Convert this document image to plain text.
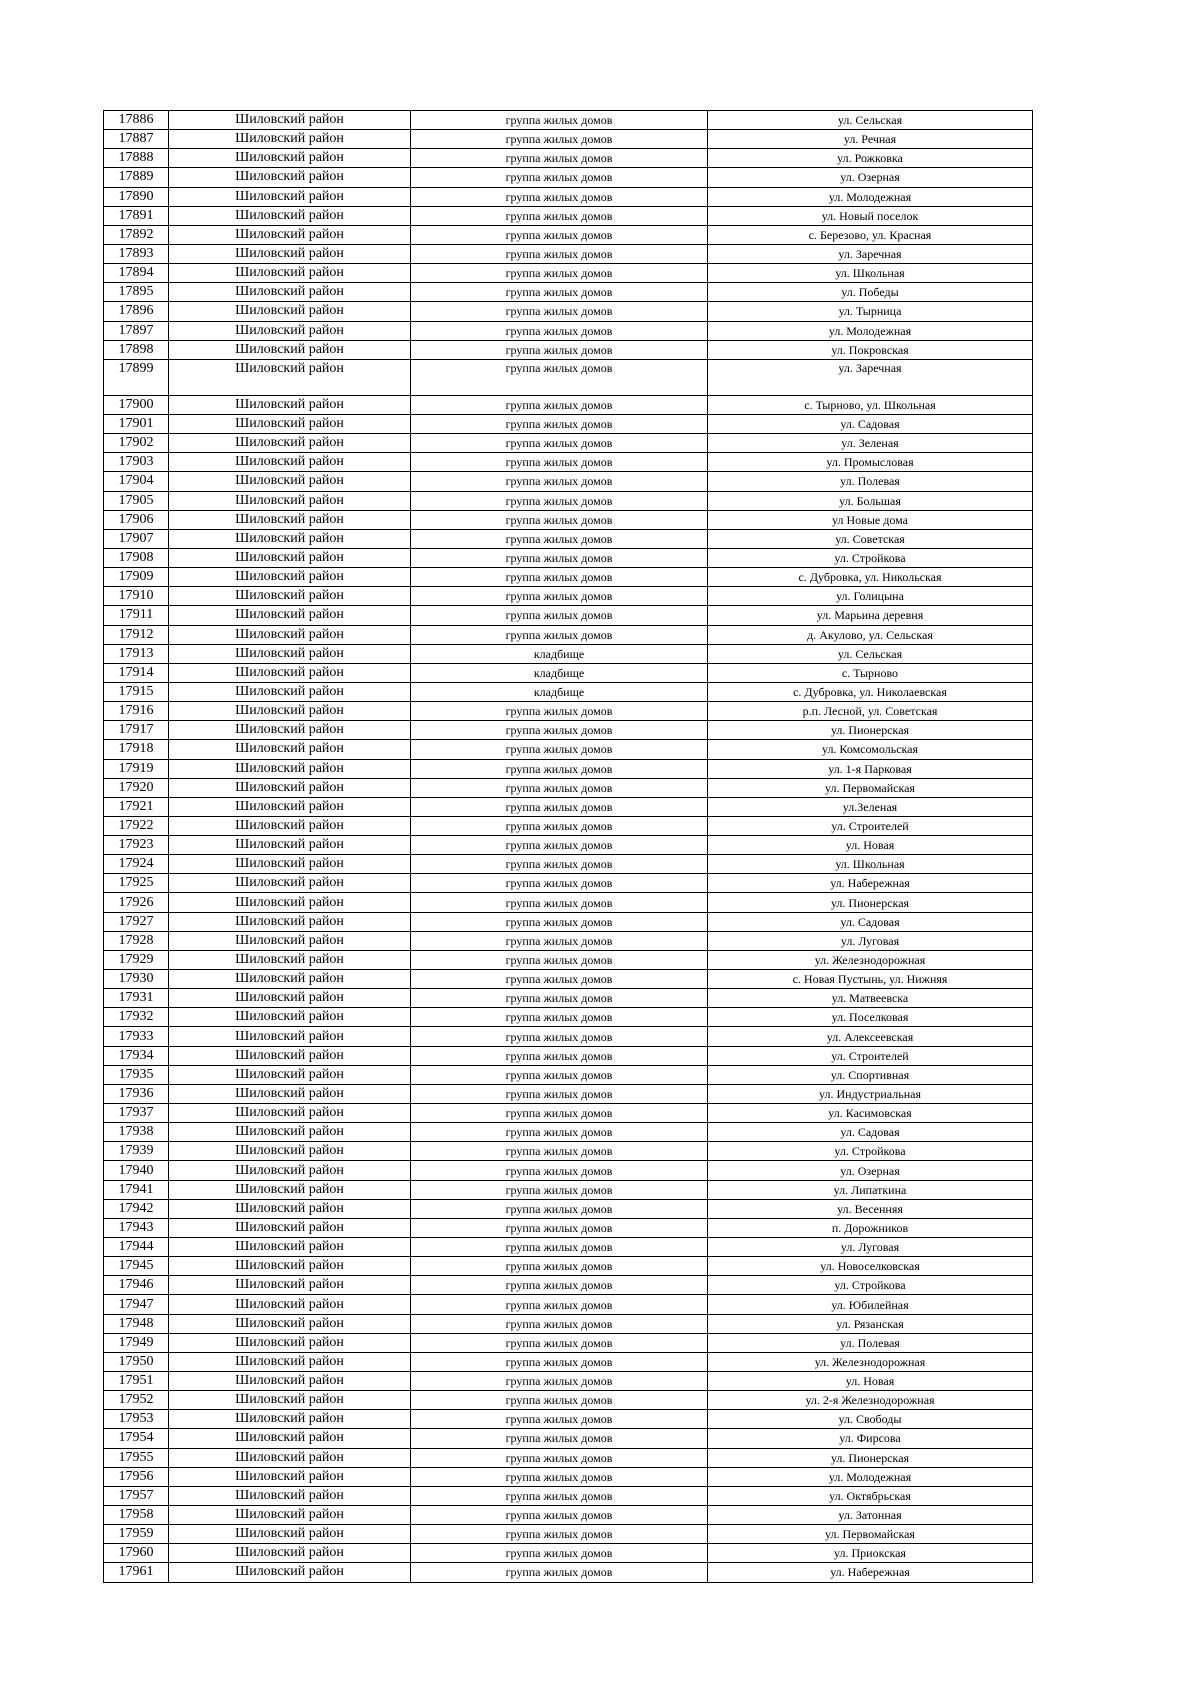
17886	Шиловский район	группа жилых домов	ул. Сельская
17887	Шиловский район	группа жилых домов	ул. Речная
17888	Шиловский район	группа жилых домов	ул. Рожковка
17889	Шиловский район	группа жилых домов	ул. Озерная
17890	Шиловский район	группа жилых домов	ул. Молодежная
17891	Шиловский район	группа жилых домов	ул. Новый поселок
17892	Шиловский район	группа жилых домов	с. Березово, ул. Красная
17893	Шиловский район	группа жилых домов	ул. Заречная
17894	Шиловский район	группа жилых домов	ул. Школьная
17895	Шиловский район	группа жилых домов	ул. Победы
17896	Шиловский район	группа жилых домов	ул. Тырница
17897	Шиловский район	группа жилых домов	ул. Молодежная
17898	Шиловский район	группа жилых домов	ул. Покровская
17899	Шиловский район	группа жилых домов	ул. Заречная
17900	Шиловский район	группа жилых домов	с. Тырново, ул. Школьная
17901	Шиловский район	группа жилых домов	ул. Садовая
17902	Шиловский район	группа жилых домов	ул. Зеленая
17903	Шиловский район	группа жилых домов	ул. Промысловая
17904	Шиловский район	группа жилых домов	ул. Полевая
17905	Шиловский район	группа жилых домов	ул. Большая
17906	Шиловский район	группа жилых домов	ул Новые дома
17907	Шиловский район	группа жилых домов	ул. Советская
17908	Шиловский район	группа жилых домов	ул. Стройкова
17909	Шиловский район	группа жилых домов	с. Дубровка, ул. Никольская
17910	Шиловский район	группа жилых домов	ул. Голицына
17911	Шиловский район	группа жилых домов	ул. Марьина деревня
17912	Шиловский район	группа жилых домов	д. Акулово, ул. Сельская
17913	Шиловский район	кладбище	ул. Сельская
17914	Шиловский район	кладбище	с. Тырново
17915	Шиловский район	кладбище	с. Дубровка, ул. Николаевская
17916	Шиловский район	группа жилых домов	р.п. Лесной, ул. Советская
17917	Шиловский район	группа жилых домов	ул. Пионерская
17918	Шиловский район	группа жилых домов	ул. Комсомольская
17919	Шиловский район	группа жилых домов	ул. 1-я Парковая
17920	Шиловский район	группа жилых домов	ул. Первомайская
17921	Шиловский район	группа жилых домов	ул.Зеленая
17922	Шиловский район	группа жилых домов	ул. Строителей
17923	Шиловский район	группа жилых домов	ул. Новая
17924	Шиловский район	группа жилых домов	ул. Школьная
17925	Шиловский район	группа жилых домов	ул. Набережная
17926	Шиловский район	группа жилых домов	ул. Пионерская
17927	Шиловский район	группа жилых домов	ул. Садовая
17928	Шиловский район	группа жилых домов	ул. Луговая
17929	Шиловский район	группа жилых домов	ул. Железнодорожная
17930	Шиловский район	группа жилых домов	с. Новая Пустынь, ул. Нижняя
17931	Шиловский район	группа жилых домов	ул. Матвеевска
17932	Шиловский район	группа жилых домов	ул. Поселковая
17933	Шиловский район	группа жилых домов	ул. Алексеевская
17934	Шиловский район	группа жилых домов	ул. Строителей
17935	Шиловский район	группа жилых домов	ул. Спортивная
17936	Шиловский район	группа жилых домов	ул. Индустриальная
17937	Шиловский район	группа жилых домов	ул. Касимовская
17938	Шиловский район	группа жилых домов	ул. Садовая
17939	Шиловский район	группа жилых домов	ул. Стройкова
17940	Шиловский район	группа жилых домов	ул. Озерная
17941	Шиловский район	группа жилых домов	ул. Липаткина
17942	Шиловский район	группа жилых домов	ул. Весенняя
17943	Шиловский район	группа жилых домов	п. Дорожников
17944	Шиловский район	группа жилых домов	ул. Луговая
17945	Шиловский район	группа жилых домов	ул. Новоселковская
17946	Шиловский район	группа жилых домов	ул. Стройкова
17947	Шиловский район	группа жилых домов	ул. Юбилейная
17948	Шиловский район	группа жилых домов	ул. Рязанская
17949	Шиловский район	группа жилых домов	ул. Полевая
17950	Шиловский район	группа жилых домов	ул. Железнодорожная
17951	Шиловский район	группа жилых домов	ул. Новая
17952	Шиловский район	группа жилых домов	ул. 2-я Железнодорожная
17953	Шиловский район	группа жилых домов	ул. Свободы
17954	Шиловский район	группа жилых домов	ул. Фирсова
17955	Шиловский район	группа жилых домов	ул. Пионерская
17956	Шиловский район	группа жилых домов	ул. Молодежная
17957	Шиловский район	группа жилых домов	ул. Октябрьская
17958	Шиловский район	группа жилых домов	ул. Затонная
17959	Шиловский район	группа жилых домов	ул. Первомайская
17960	Шиловский район	группа жилых домов	ул. Приокская
17961	Шиловский район	группа жилых домов	ул. Набережная
